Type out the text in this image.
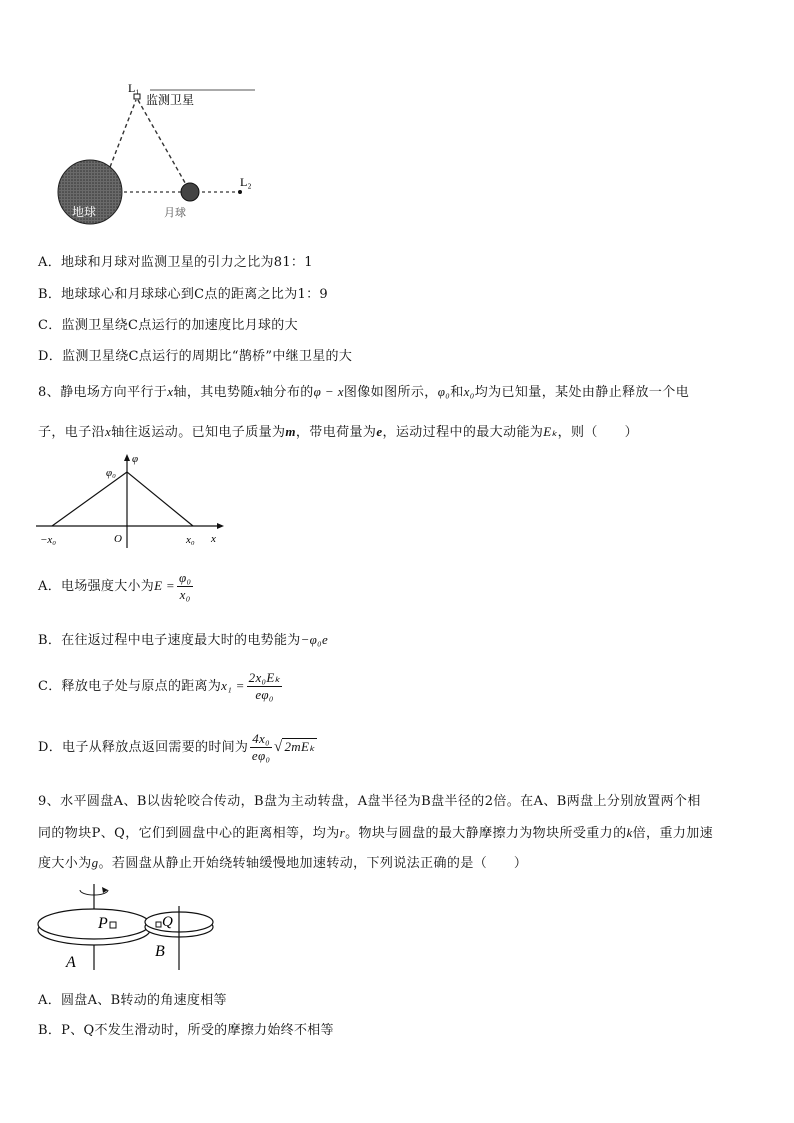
L₁
监测卫星
地球	月球
L₂
A．地球和月球对监测卫星的引力之比为81：1
B．地球球心和月球球心到C点的距离之比为1：9
C．监测卫星绕C点运行的加速度比月球的大
D．监测卫星绕C点运行的周期比“鹊桥”中继卫星的大
8、静电场方向平行于x轴，其电势随x轴分布的φ − x图像如图所示，φ₀和x₀均为已知量，某处由静止释放一个电
子，电子沿x轴往返运动。已知电子质量为m，带电荷量为e，运动过程中的最大动能为Eₖ，则（　　）
φ
φ₀
−x₀	O	x₀ x
A．电场强度大小为$E = \frac{\text{φ₀}}{\text{x₀}}$
B．在往返过程中电子速度最大时的电势能为−φ₀e
C．释放电子处与原点的距离为$x_1 = \frac{\text{2x₀Eₖ}}{\text{eφ₀}}$
D．电子从释放点返回需要的时间为 $\frac{\text{4x₀}}{\text{eφ₀}}$ √ 2mEₖ
9、水平圆盘A、B以齿轮咬合传动，B盘为主动转盘，A盘半径为B盘半径的2倍。在A、B两盘上分别放置两个相
同的物块P、Q，它们到圆盘中心的距离相等，均为r。物块与圆盘的最大静摩擦力为物块所受重力的k倍，重力加速
度大小为g。若圆盘从静止开始绕转轴缓慢地加速转动，下列说法正确的是（　　）
P	Q
A
B
A．圆盘A、B转动的角速度相等
B．P、Q不发生滑动时，所受的摩擦力始终不相等
